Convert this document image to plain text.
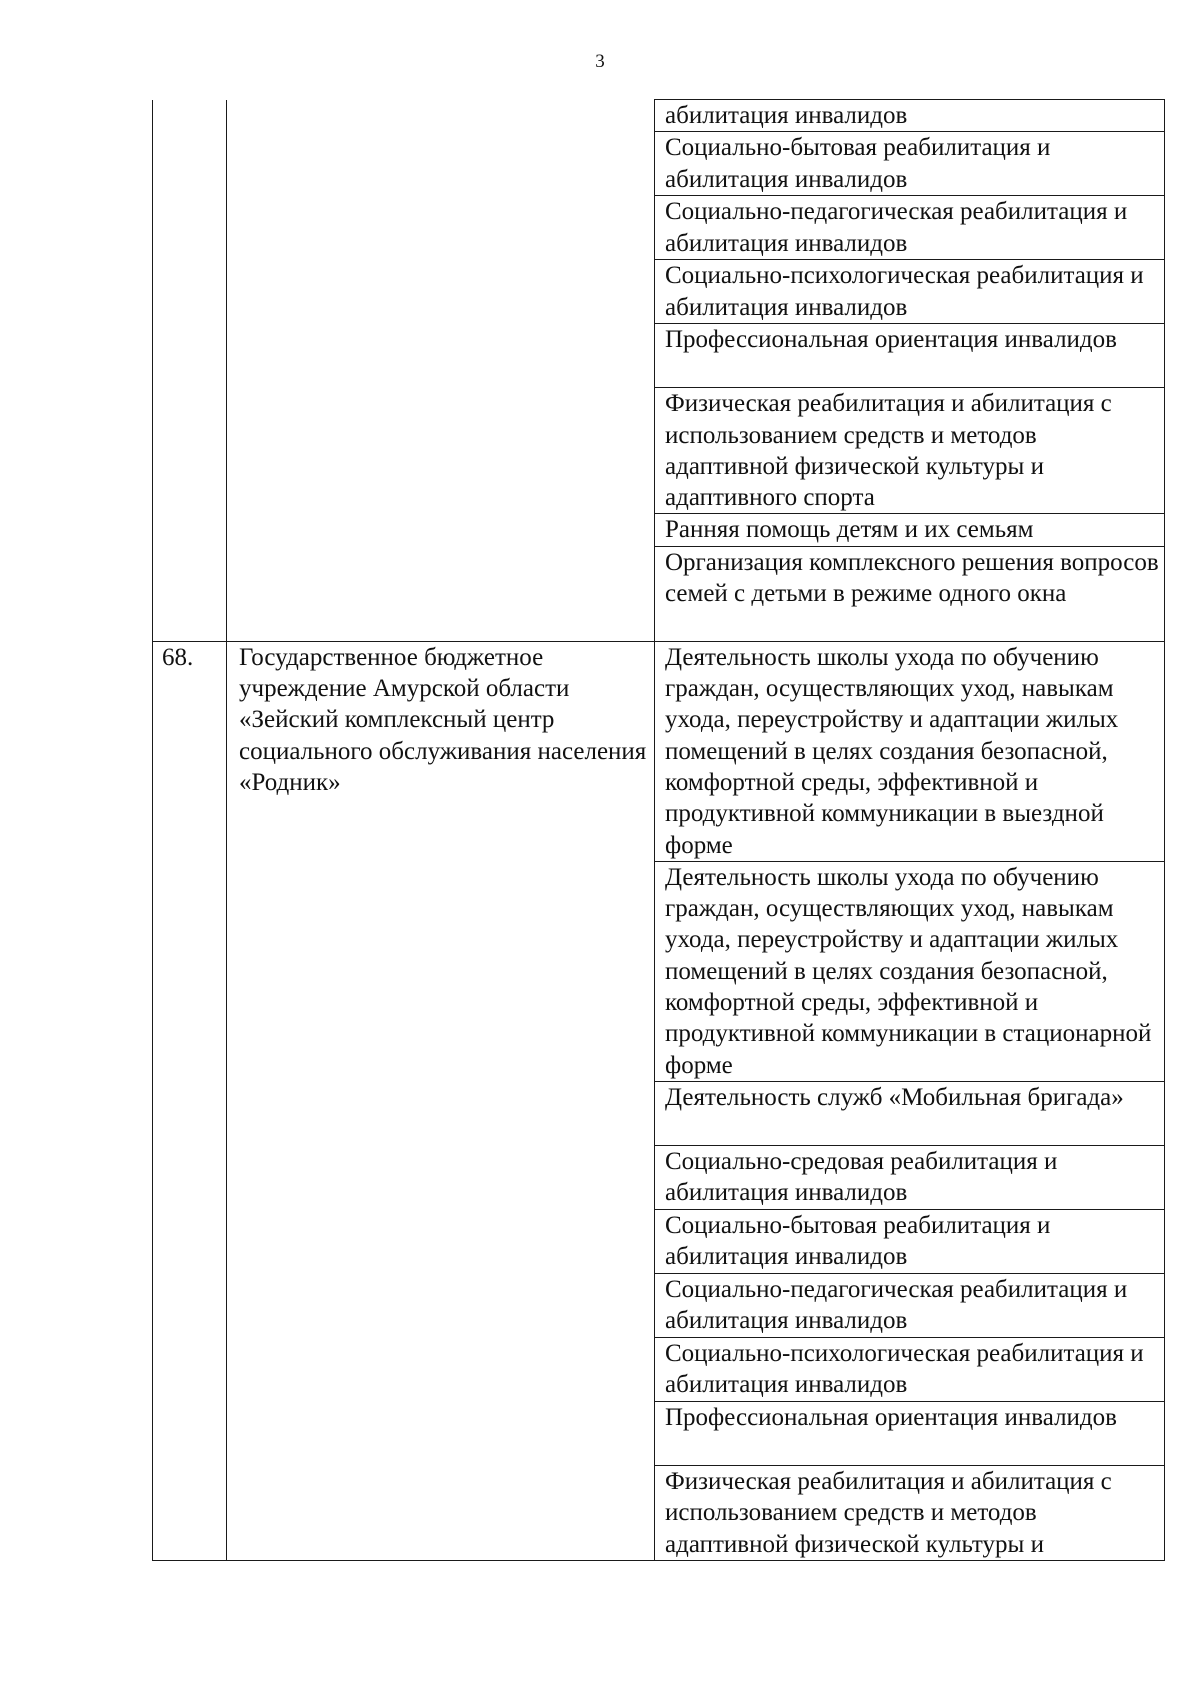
3
		абилитация инвалидов
		Социально-бытовая реабилитация и абилитация инвалидов
		Социально-педагогическая реабилитация и абилитация инвалидов
		Социально-психологическая реабилитация и абилитация инвалидов
		Профессиональная ориентация инвалидов
		Физическая реабилитация и абилитация с использованием средств и методов адаптивной физической культуры и адаптивного спорта
		Ранняя помощь детям и их семьям
		Организация комплексного решения вопросов семей с детьми в режиме одного окна
68.	Государственное бюджетное учреждение Амурской области «Зейский комплексный центр социального обслуживания населения «Родник»	Деятельность школы ухода по обучению граждан, осуществляющих уход, навыкам ухода, переустройству и адаптации жилых помещений в целях создания безопасной, комфортной среды, эффективной и продуктивной коммуникации в выездной форме
		Деятельность школы ухода по обучению граждан, осуществляющих уход, навыкам ухода, переустройству и адаптации жилых помещений в целях создания безопасной, комфортной среды, эффективной и продуктивной коммуникации в стационарной форме
		Деятельность служб «Мобильная бригада»
		Социально-средовая реабилитация и абилитация инвалидов
		Социально-бытовая реабилитация и абилитация инвалидов
		Социально-педагогическая реабилитация и абилитация инвалидов
		Социально-психологическая реабилитация и абилитация инвалидов
		Профессиональная ориентация инвалидов
		Физическая реабилитация и абилитация с использованием средств и методов адаптивной физической культуры и
